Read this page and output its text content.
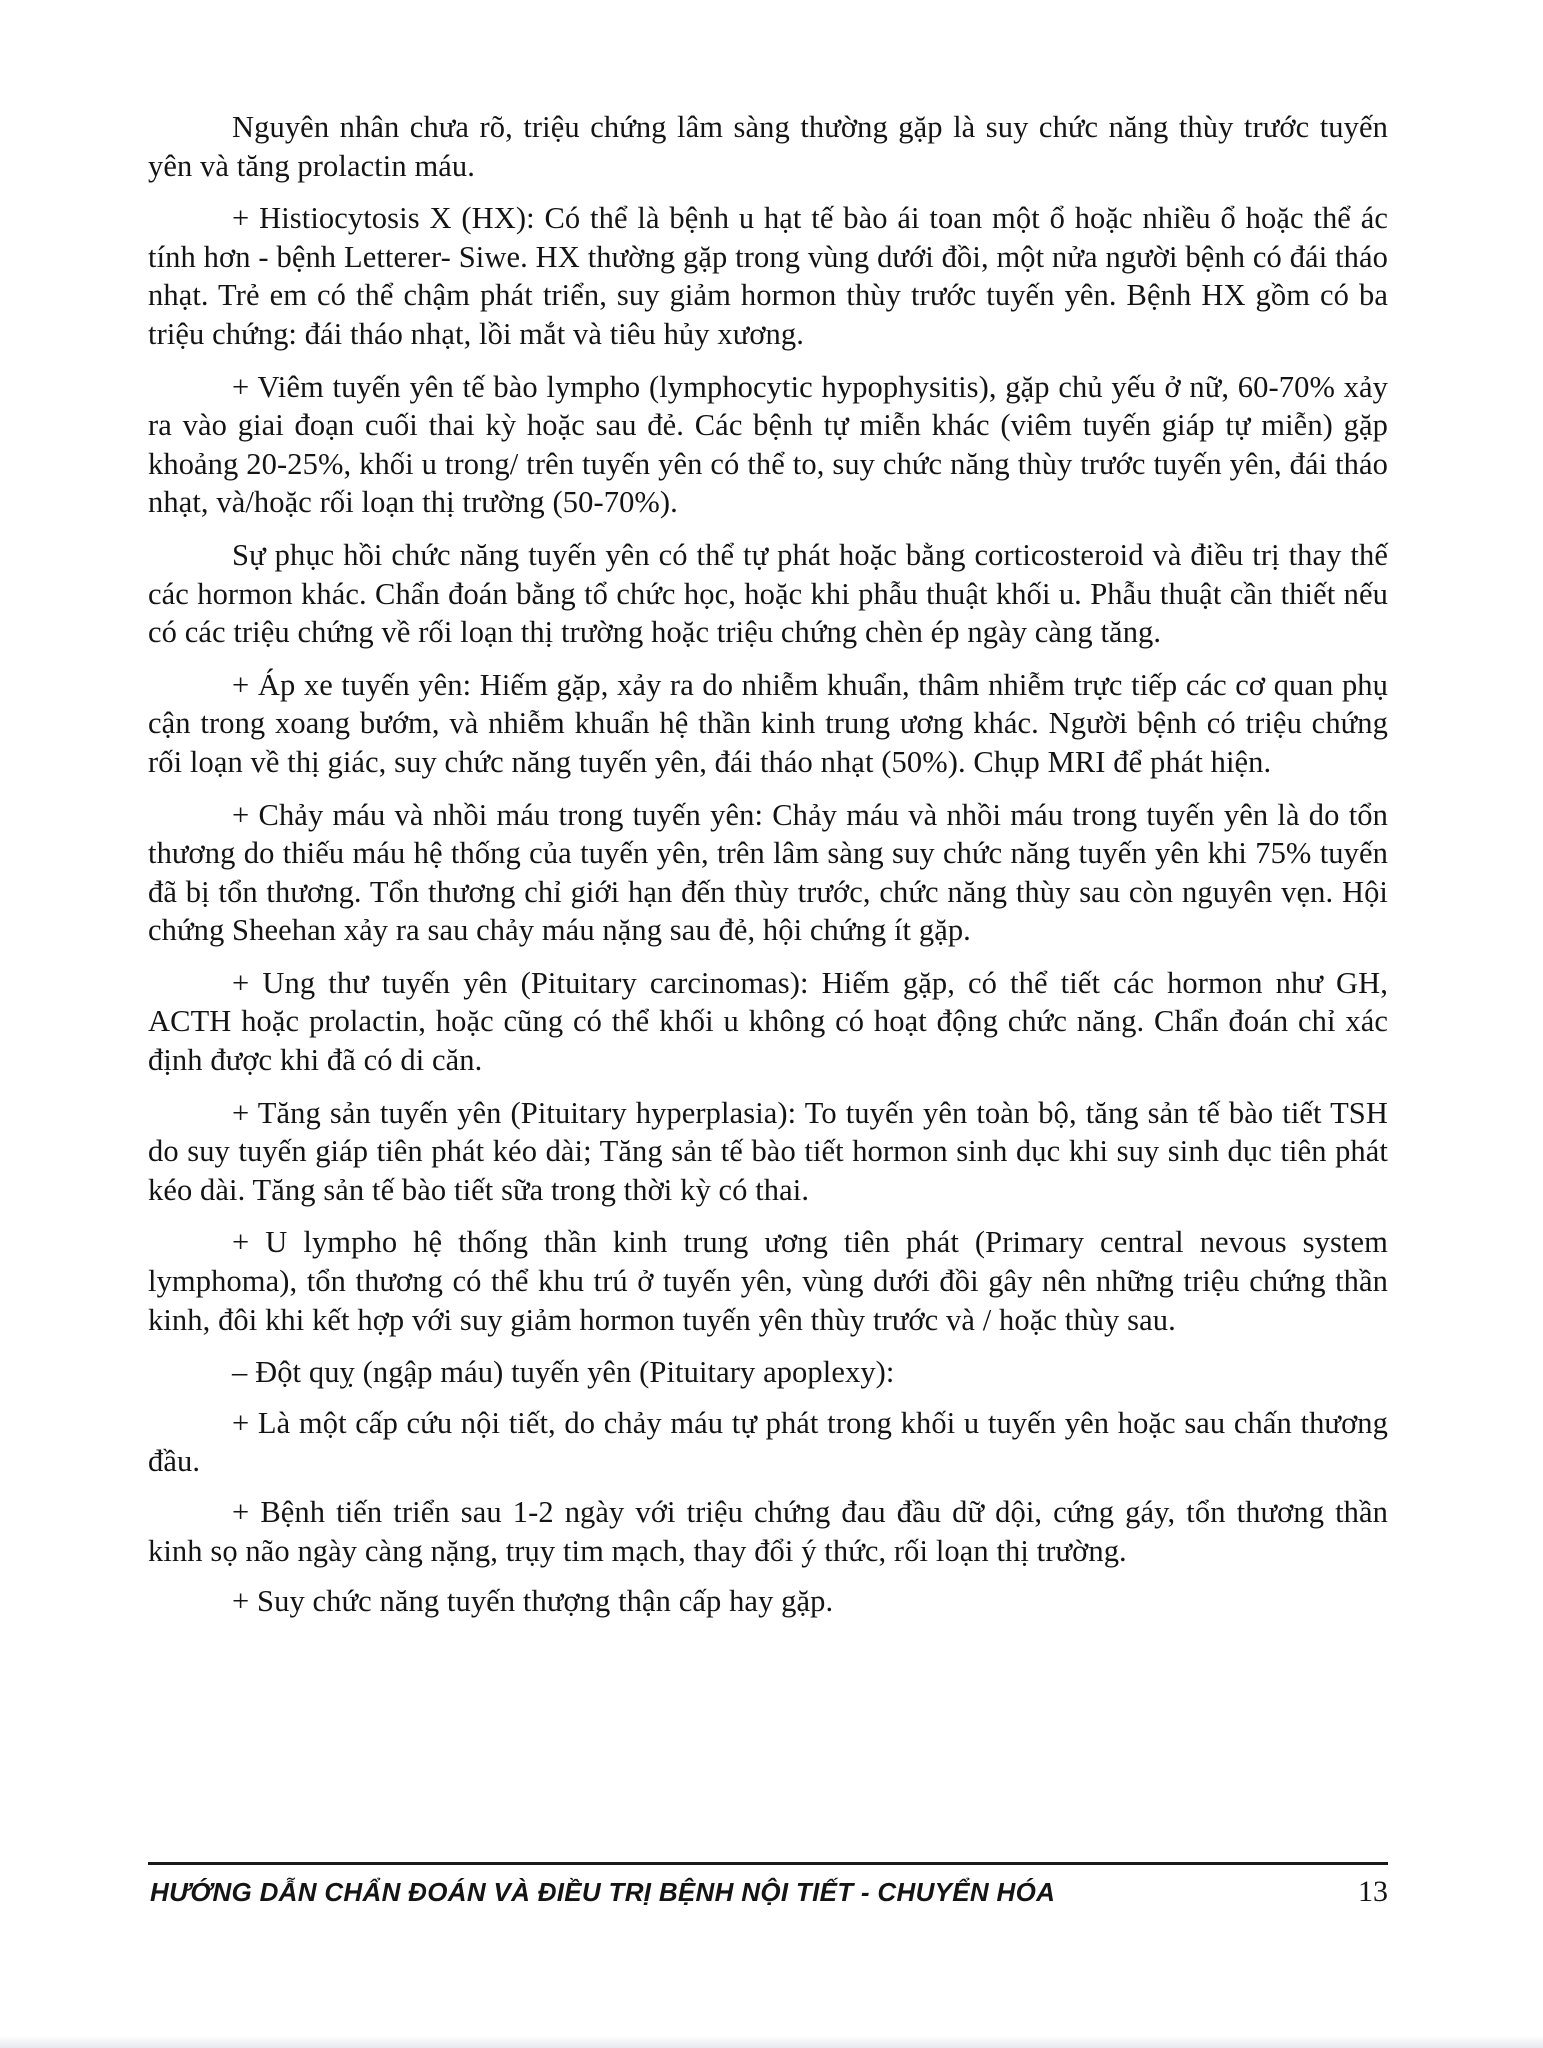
Nguyên nhân chưa rõ, triệu chứng lâm sàng thường gặp là suy chức năng thùy trước tuyến yên và tăng prolactin máu.

+ Histiocytosis X (HX): Có thể là bệnh u hạt tế bào ái toan một ổ hoặc nhiều ổ hoặc thể ác tính hơn - bệnh Letterer- Siwe. HX thường gặp trong vùng dưới đồi, một nửa người bệnh có đái tháo nhạt. Trẻ em có thể chậm phát triển, suy giảm hormon thùy trước tuyến yên. Bệnh HX gồm có ba triệu chứng: đái tháo nhạt, lồi mắt và tiêu hủy xương.

+ Viêm tuyến yên tế bào lympho (lymphocytic hypophysitis), gặp chủ yếu ở nữ, 60-70% xảy ra vào giai đoạn cuối thai kỳ hoặc sau đẻ. Các bệnh tự miễn khác (viêm tuyến giáp tự miễn) gặp khoảng 20-25%, khối u trong/ trên tuyến yên có thể to, suy chức năng thùy trước tuyến yên, đái tháo nhạt, và/hoặc rối loạn thị trường (50-70%).

Sự phục hồi chức năng tuyến yên có thể tự phát hoặc bằng corticosteroid và điều trị thay thế các hormon khác. Chẩn đoán bằng tổ chức học, hoặc khi phẫu thuật khối u. Phẫu thuật cần thiết nếu có các triệu chứng về rối loạn thị trường hoặc triệu chứng chèn ép ngày càng tăng.

+ Áp xe tuyến yên: Hiếm gặp, xảy ra do nhiễm khuẩn, thâm nhiễm trực tiếp các cơ quan phụ cận trong xoang bướm, và nhiễm khuẩn hệ thần kinh trung ương khác. Người bệnh có triệu chứng rối loạn về thị giác, suy chức năng tuyến yên, đái tháo nhạt (50%). Chụp MRI để phát hiện.

+ Chảy máu và nhồi máu trong tuyến yên: Chảy máu và nhồi máu trong tuyến yên là do tổn thương do thiếu máu hệ thống của tuyến yên, trên lâm sàng suy chức năng tuyến yên khi 75% tuyến đã bị tổn thương. Tổn thương chỉ giới hạn đến thùy trước, chức năng thùy sau còn nguyên vẹn. Hội chứng Sheehan xảy ra sau chảy máu nặng sau đẻ, hội chứng ít gặp.

+ Ung thư tuyến yên (Pituitary carcinomas): Hiếm gặp, có thể tiết các hormon như GH, ACTH hoặc prolactin, hoặc cũng có thể khối u không có hoạt động chức năng. Chẩn đoán chỉ xác định được khi đã có di căn.

+ Tăng sản tuyến yên (Pituitary hyperplasia): To tuyến yên toàn bộ, tăng sản tế bào tiết TSH do suy tuyến giáp tiên phát kéo dài; Tăng sản tế bào tiết hormon sinh dục khi suy sinh dục tiên phát kéo dài. Tăng sản tế bào tiết sữa trong thời kỳ có thai.

+ U lympho hệ thống thần kinh trung ương tiên phát (Primary central nevous system lymphoma), tổn thương có thể khu trú ở tuyến yên, vùng dưới đồi gây nên những triệu chứng thần kinh, đôi khi kết hợp với suy giảm hormon tuyến yên thùy trước và / hoặc thùy sau.

– Đột quỵ (ngập máu) tuyến yên (Pituitary apoplexy):

+ Là một cấp cứu nội tiết, do chảy máu tự phát trong khối u tuyến yên hoặc sau chấn thương đầu.

+ Bệnh tiến triển sau 1-2 ngày với triệu chứng đau đầu dữ dội, cứng gáy, tổn thương thần kinh sọ não ngày càng nặng, trụy tim mạch, thay đổi ý thức, rối loạn thị trường.

+ Suy chức năng tuyến thượng thận cấp hay gặp.

HƯỚNG DẪN CHẨN ĐOÁN VÀ ĐIỀU TRỊ BỆNH NỘI TIẾT - CHUYỂN HÓA	13
